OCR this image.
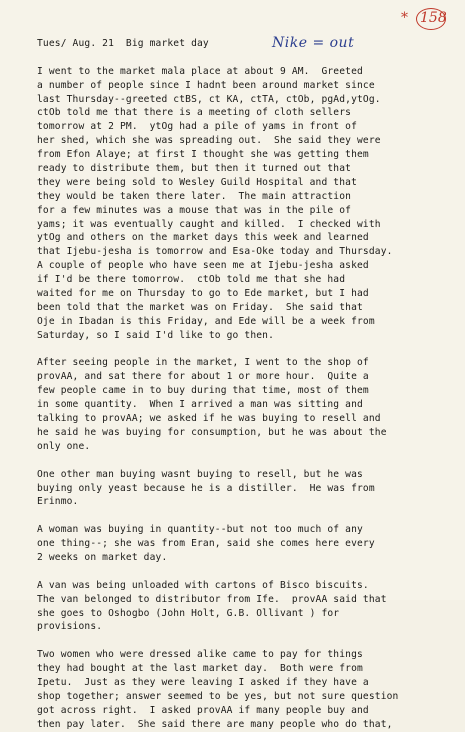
* 158
Nike = out
Tues/ Aug. 21  Big market day
I went to the market mala place at about 9 AM.  Greeted
a number of people since I hadnt been around market since
last Thursday--greeted ctBS, ct KA, ctTA, ctOb, pgAd,ytOg.
ctOb told me that there is a meeting of cloth sellers
tomorrow at 2 PM.  ytOg had a pile of yams in front of
her shed, which she was spreading out.  She said they were
from Efon Alaye; at first I thought she was getting them
ready to distribute them, but then it turned out that
they were being sold to Wesley Guild Hospital and that
they would be taken there later.  The main attraction
for a few minutes was a mouse that was in the pile of
yams; it was eventually caught and killed.  I checked with
ytOg and others on the market days this week and learned
that Ijebu-jesha is tomorrow and Esa-Oke today and Thursday.
A couple of people who have seen me at Ijebu-jesha asked
if I'd be there tomorrow.  ctOb told me that she had
waited for me on Thursday to go to Ede market, but I had
been told that the market was on Friday.  She said that
Oje in Ibadan is this Friday, and Ede will be a week from
Saturday, so I said I'd like to go then.
After seeing people in the market, I went to the shop of
provAA, and sat there for about 1 or more hour.  Quite a
few people came in to buy during that time, most of them
in some quantity.  When I arrived a man was sitting and
talking to provAA; we asked if he was buying to resell and
he said he was buying for consumption, but he was about the
only one.
One other man buying wasnt buying to resell, but he was
buying only yeast because he is a distiller.  He was from
Erinmo.
A woman was buying in quantity--but not too much of any
one thing--; she was from Eran, said she comes here every
2 weeks on market day.
A van was being unloaded with cartons of Bisco biscuits.
The van belonged to distributor from Ife.  provAA said that
she goes to Oshogbo (John Holt, G.B. Ollivant ) for
provisions.
Two women who were dressed alike came to pay for things
they had bought at the last market day.  Both were from
Ipetu.  Just as they were leaving I asked if they have a
shop together; answer seemed to be yes, but not sure question
got across right.  I asked provAA if many people buy and
then pay later.  She said there are many people who do that,
